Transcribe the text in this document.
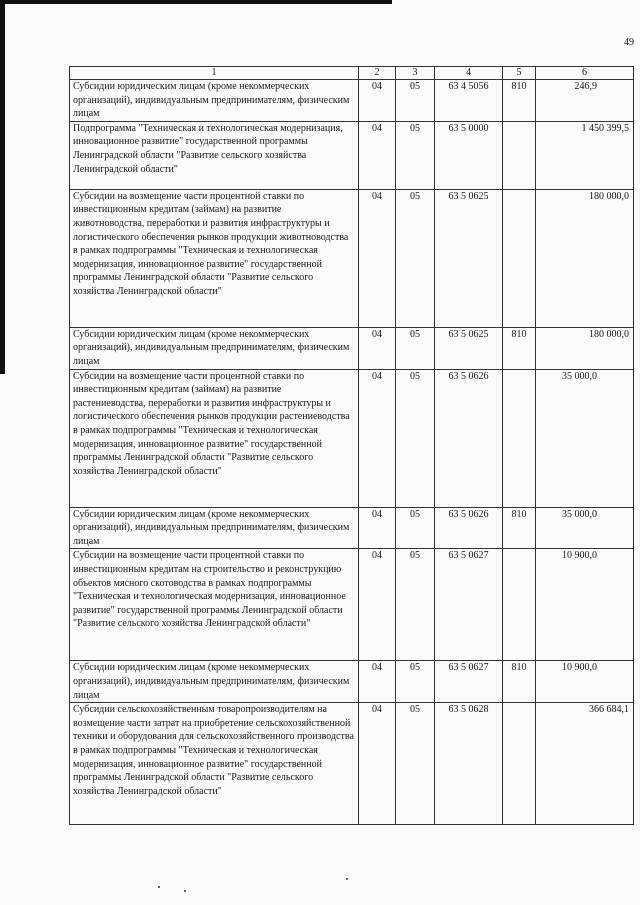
49
1	2	3	4	5	6
Субсидии юридическим лицам (кроме некоммерческих организаций), индивидуальным предпринимателям, физическим лицам	04	05	63 4 5056	810	246,9
Подпрограмма "Техническая и технологическая модернизация, инновационное развитие" государственной программы Ленинградской области "Развитие сельского хозяйства Ленинградской области"	04	05	63 5 0000		1 450 399,5
Субсидии на возмещение части процентной ставки по инвестиционным кредитам (займам) на развитие животноводства, переработки и развития инфраструктуры и логистического обеспечения рынков продукции животноводства в рамках подпрограммы "Техническая и технологическая модернизация, инновационное развитие" государственной программы Ленинградской области "Развитие сельского хозяйства Ленинградской области"	04	05	63 5 0625		180 000,0
Субсидии юридическим лицам (кроме некоммерческих организаций), индивидуальным предпринимателям, физическим лицам	04	05	63 5 0625	810	180 000,0
Субсидии на возмещение части процентной ставки по инвестиционным кредитам (займам) на развитие растениеводства, переработки и развития инфраструктуры и логистического обеспечения рынков продукции растениеводства в рамках подпрограммы "Техническая и технологическая модернизация, инновационное развитие" государственной программы Ленинградской области "Развитие сельского хозяйства Ленинградской области"	04	05	63 5 0626		35 000,0
Субсидии юридическим лицам (кроме некоммерческих организаций), индивидуальным предпринимателям, физическим лицам	04	05	63 5 0626	810	35 000,0
Субсидии на возмещение части процентной ставки по инвестиционным кредитам на строительство и реконструкцию объектов мясного скотоводства в рамках подпрограммы "Техническая и технологическая модернизация, инновационное развитие" государственной программы Ленинградской области "Развитие сельского хозяйства Ленинградской области"	04	05	63 5 0627		10 900,0
Субсидии юридическим лицам (кроме некоммерческих организаций), индивидуальным предпринимателям, физическим лицам	04	05	63 5 0627	810	10 900,0
Субсидии сельскохозяйственным товаропроизводителям на возмещение части затрат на приобретение сельскохозяйственной техники и оборудования для сельскохозяйственного производства в рамках подпрограммы "Техническая и технологическая модернизация, инновационное развитие" государственной программы Ленинградской области "Развитие сельского хозяйства Ленинградской области"	04	05	63 5 0628		366 684,1
